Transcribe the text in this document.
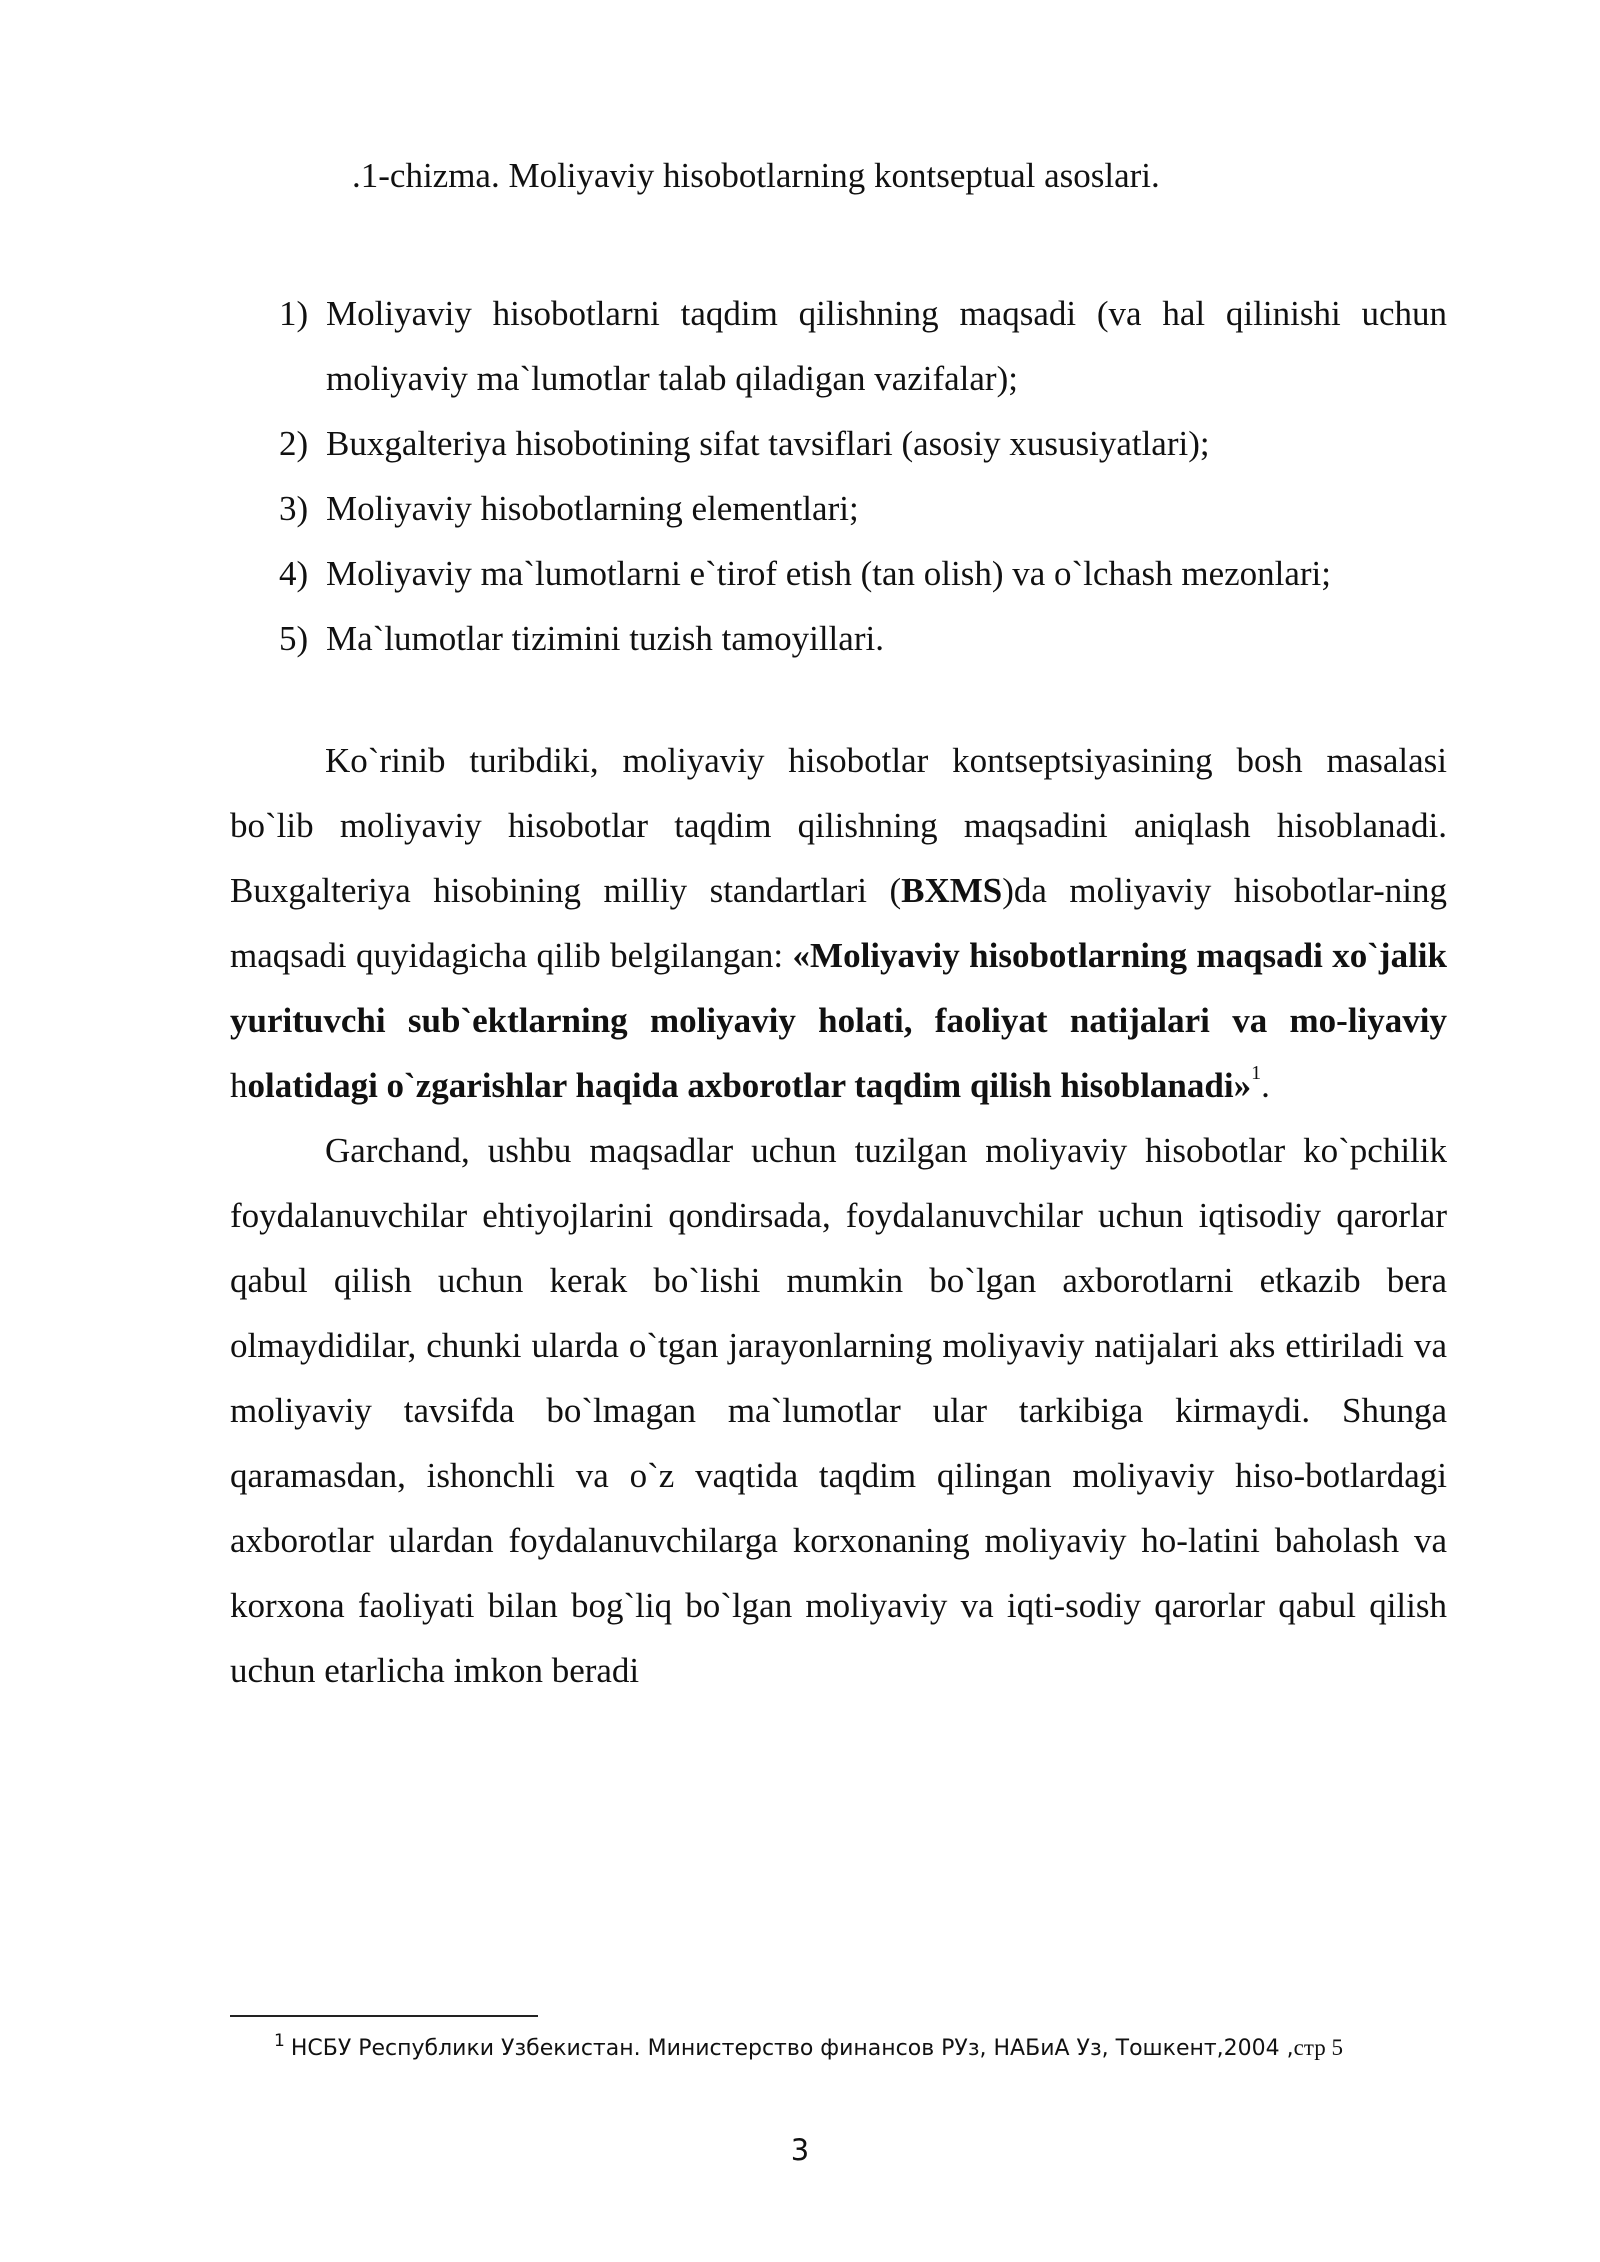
.1-chizma. Moliyaviy hisobotlarning kontseptual asoslari.
1) Moliyaviy hisobotlarni taqdim qilishning maqsadi (va hal qilinishi uchun moliyaviy ma`lumotlar talab qiladigan vazifalar);
2) Buxgalteriya hisobotining sifat tavsiflari (asosiy xususiyatlari);
3) Moliyaviy hisobotlarning elementlari;
4) Moliyaviy ma`lumotlarni e`tirof etish (tan olish) va o`lchash mezonlari;
5) Ma`lumotlar tizimini tuzish tamoyillari.

Ko`rinib turibdiki, moliyaviy hisobotlar kontseptsiyasining bosh masalasi bo`lib moliyaviy hisobotlar taqdim qilishning maqsadini aniqlash hisoblanadi. Buxgalteriya hisobining milliy standartlari (BXMS)da moliyaviy hisobotlar-ning maqsadi quyidagicha qilib belgilangan: «Moliyaviy hisobotlarning maqsadi xo`jalik yurituvchi sub`ektlarning moliyaviy holati, faoliyat natijalari va mo-liyaviy holatidagi o`zgarishlar haqida axborotlar taqdim qilish hisoblanadi»$^1$.

Garchand, ushbu maqsadlar uchun tuzilgan moliyaviy hisobotlar ko`pchilik foydalanuvchilar ehtiyojlarini qondirsada, foydalanuvchilar uchun iqtisodiy qarorlar qabul qilish uchun kerak bo`lishi mumkin bo`lgan axborotlarni etkazib bera olmaydidilar, chunki ularda o`tgan jarayonlarning moliyaviy natijalari aks ettiriladi va moliyaviy tavsifda bo`lmagan ma`lumotlar ular tarkibiga kirmaydi. Shunga qaramasdan, ishonchli va o`z vaqtida taqdim qilingan moliyaviy hiso-botlardagi axborotlar ulardan foydalanuvchilarga korxonaning moliyaviy ho-latini baholash va korxona faoliyati bilan bog`liq bo`lgan moliyaviy va iqti-sodiy qarorlar qabul qilish uchun etarlicha imkon beradi

$^1$ НСБУ Республики Узбекистан. Министерство финансов РУз, НАБиА Уз, Тошкент,2004 ,стр 5
3
